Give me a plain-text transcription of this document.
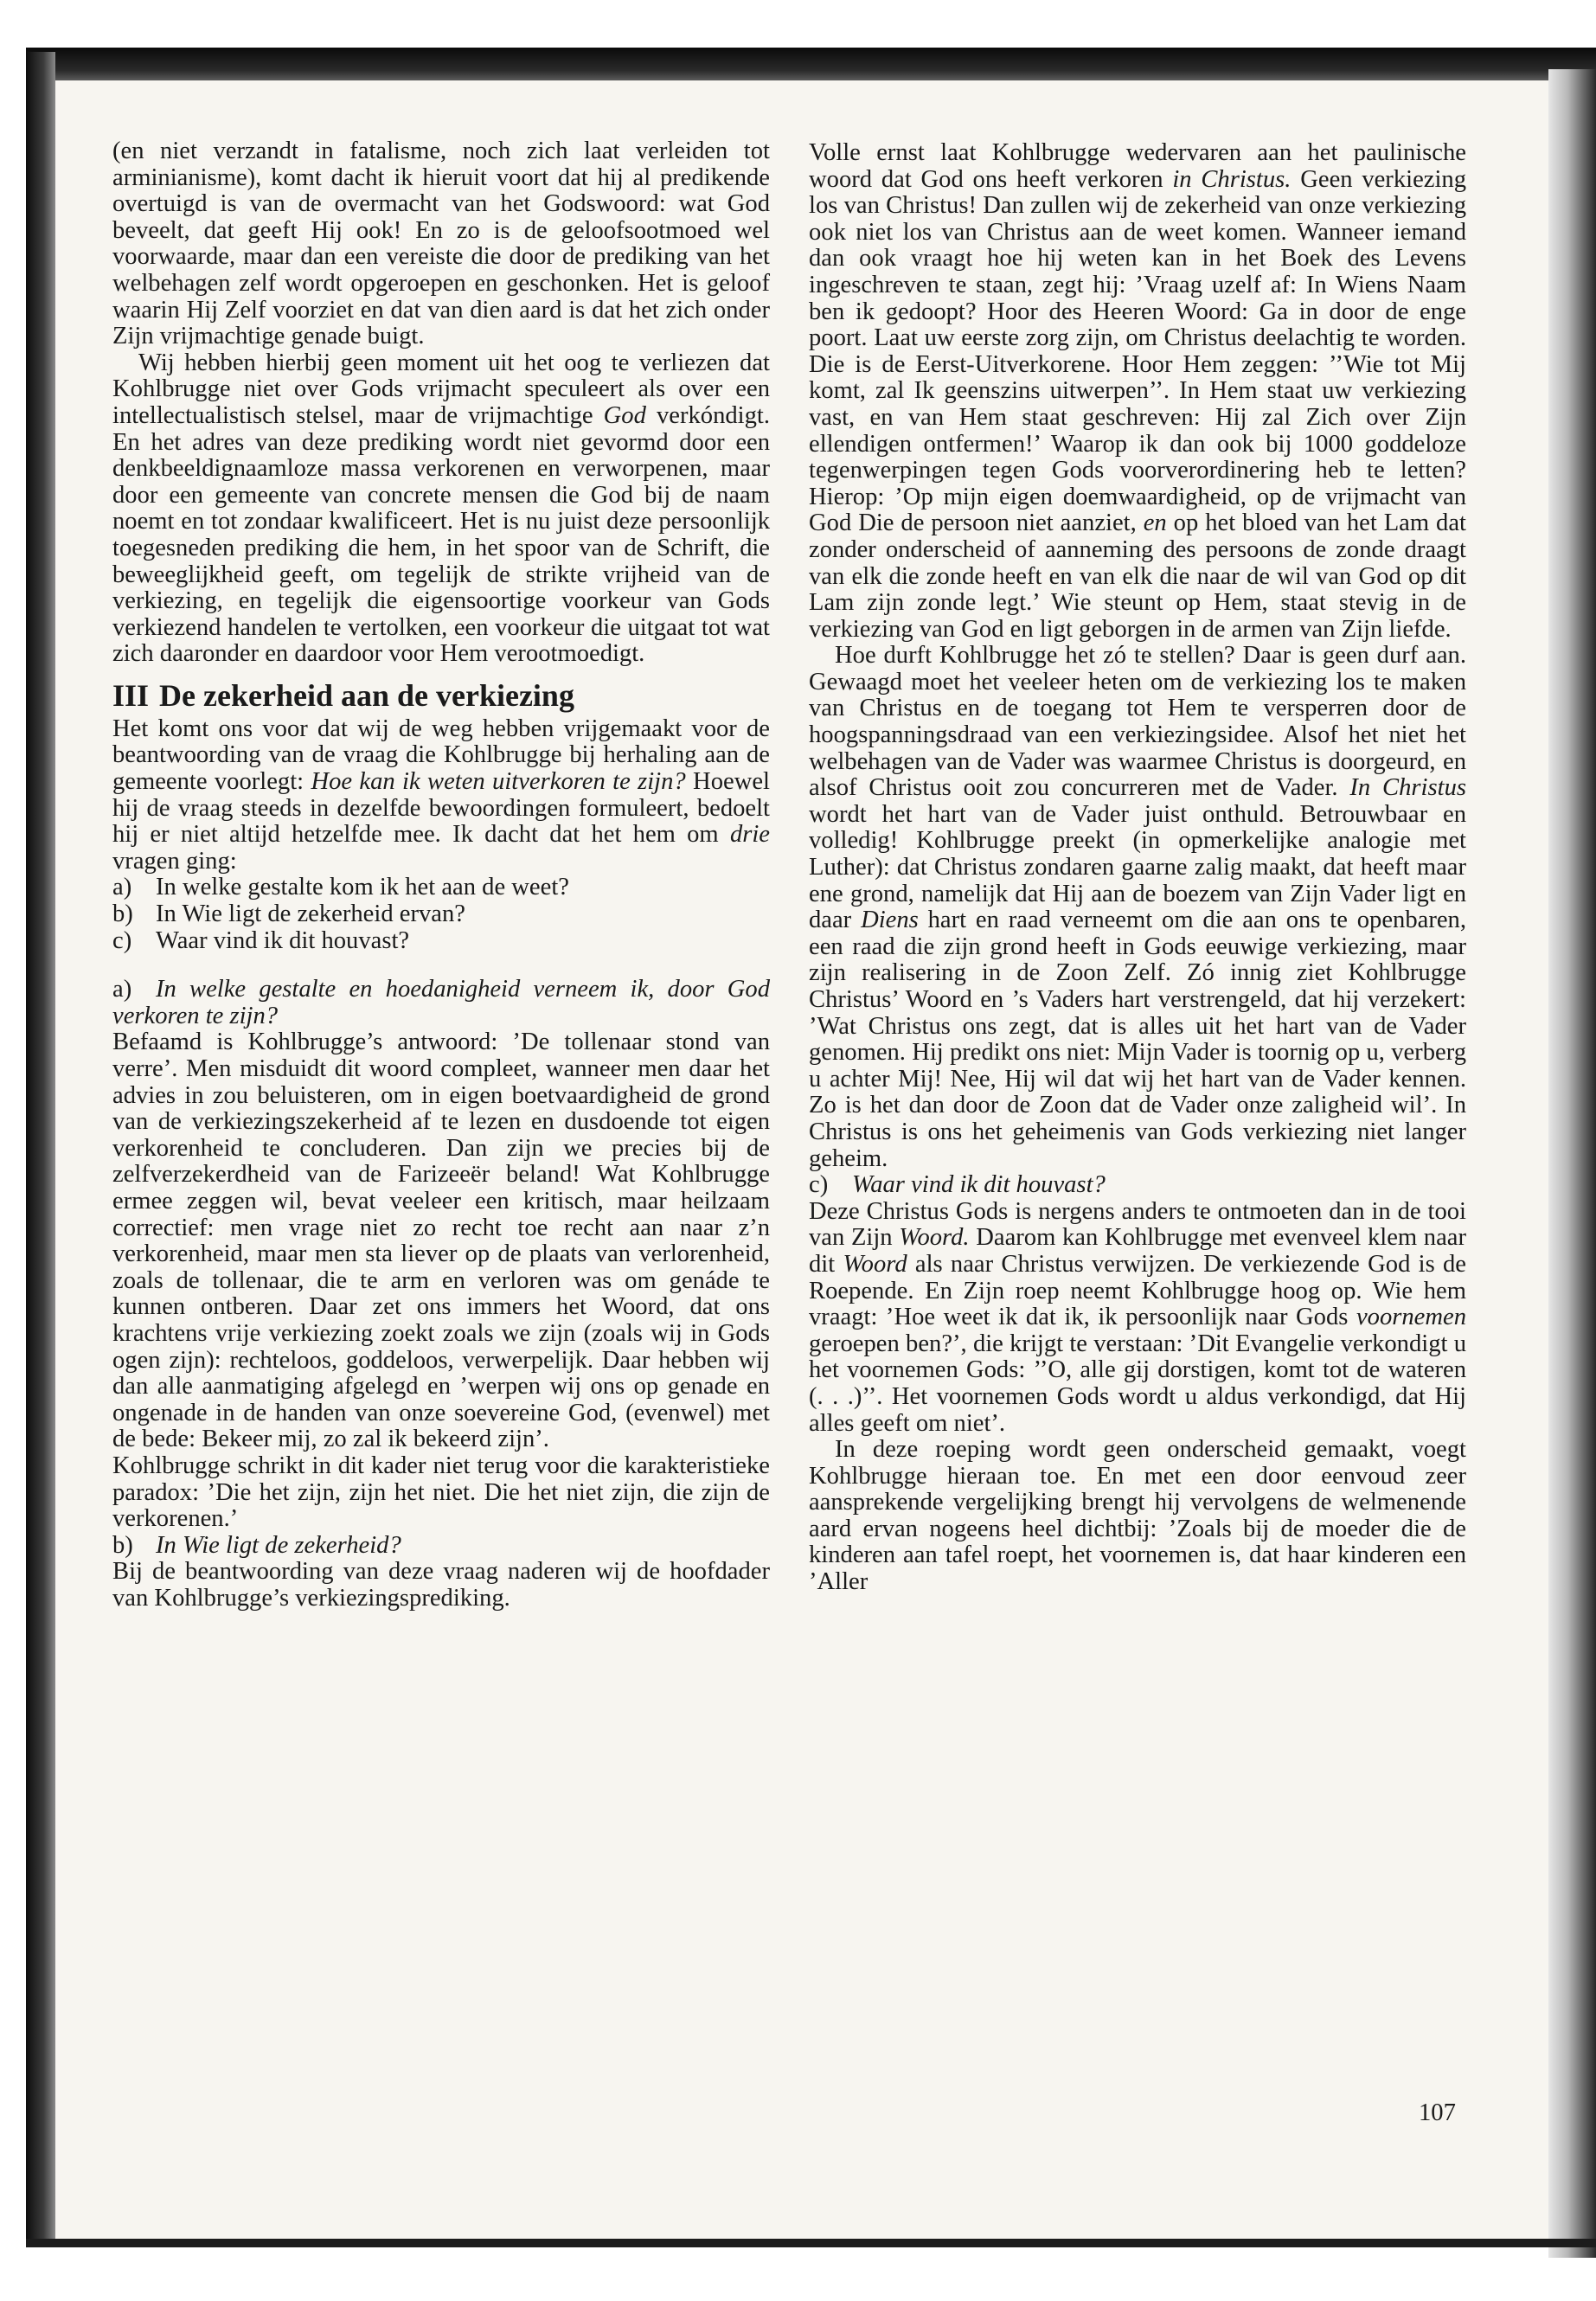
(en niet verzandt in fatalisme, noch zich laat verleiden tot arminianisme), komt dacht ik hieruit voort dat hij al predikende overtuigd is van de overmacht van het Godswoord: wat God beveelt, dat geeft Hij ook! En zo is de geloofsootmoed wel voorwaarde, maar dan een vereiste die door de prediking van het welbehagen zelf wordt opgeroepen en geschonken. Het is geloof waarin Hij Zelf voorziet en dat van dien aard is dat het zich onder Zijn vrijmachtige genade buigt.

Wij hebben hierbij geen moment uit het oog te verliezen dat Kohlbrugge niet over Gods vrijmacht speculeert als over een intellectualistisch stelsel, maar de vrijmachtige God verkóndigt. En het adres van deze prediking wordt niet gevormd door een denkbeeldignaamloze massa verkorenen en verworpenen, maar door een gemeente van concrete mensen die God bij de naam noemt en tot zondaar kwalificeert. Het is nu juist deze persoonlijk toegesneden prediking die hem, in het spoor van de Schrift, die beweeglijkheid geeft, om tegelijk de strikte vrijheid van de verkiezing, en tegelijk die eigensoortige voorkeur van Gods verkiezend handelen te vertolken, een voorkeur die uitgaat tot wat zich daaronder en daardoor voor Hem verootmoedigt.

III De zekerheid aan de verkiezing

Het komt ons voor dat wij de weg hebben vrijgemaakt voor de beantwoording van de vraag die Kohlbrugge bij herhaling aan de gemeente voorlegt: Hoe kan ik weten uitverkoren te zijn? Hoewel hij de vraag steeds in dezelfde bewoordingen formuleert, bedoelt hij er niet altijd hetzelfde mee. Ik dacht dat het hem om drie vragen ging:

a) In welke gestalte kom ik het aan de weet?

b) In Wie ligt de zekerheid ervan?

c) Waar vind ik dit houvast?

a) In welke gestalte en hoedanigheid verneem ik, door God verkoren te zijn?

Befaamd is Kohlbrugge’s antwoord: ’De tollenaar stond van verre’. Men misduidt dit woord compleet, wanneer men daar het advies in zou beluisteren, om in eigen boetvaardigheid de grond van de verkiezingszekerheid af te lezen en dusdoende tot eigen verkorenheid te concluderen. Dan zijn we precies bij de zelfverzekerdheid van de Farizeeër beland! Wat Kohlbrugge ermee zeggen wil, bevat veeleer een kritisch, maar heilzaam correctief: men vrage niet zo recht toe recht aan naar z’n verkorenheid, maar men sta liever op de plaats van verlorenheid, zoals de tollenaar, die te arm en verloren was om genáde te kunnen ontberen. Daar zet ons immers het Woord, dat ons krachtens vrije verkiezing zoekt zoals we zijn (zoals wij in Gods ogen zijn): rechteloos, goddeloos, verwerpelijk. Daar hebben wij dan alle aanmatiging afgelegd en ’werpen wij ons op genade en ongenade in de handen van onze soevereine God, (evenwel) met de bede: Bekeer mij, zo zal ik bekeerd zijn’.

Kohlbrugge schrikt in dit kader niet terug voor die karakteristieke paradox: ’Die het zijn, zijn het niet. Die het niet zijn, die zijn de verkorenen.’

b) In Wie ligt de zekerheid?

Bij de beantwoording van deze vraag naderen wij de hoofdader van Kohlbrugge’s verkiezingsprediking.

Volle ernst laat Kohlbrugge wedervaren aan het paulinische woord dat God ons heeft verkoren in Christus. Geen verkiezing los van Christus! Dan zullen wij de zekerheid van onze verkiezing ook niet los van Christus aan de weet komen. Wanneer iemand dan ook vraagt hoe hij weten kan in het Boek des Levens ingeschreven te staan, zegt hij: ’Vraag uzelf af: In Wiens Naam ben ik gedoopt? Hoor des Heeren Woord: Ga in door de enge poort. Laat uw eerste zorg zijn, om Christus deelachtig te worden. Die is de Eerst-Uitverkorene. Hoor Hem zeggen: ’’Wie tot Mij komt, zal Ik geenszins uitwerpen’’. In Hem staat uw verkiezing vast, en van Hem staat geschreven: Hij zal Zich over Zijn ellendigen ontfermen!’ Waarop ik dan ook bij 1000 goddeloze tegenwerpingen tegen Gods voorverordinering heb te letten? Hierop: ’Op mijn eigen doemwaardigheid, op de vrijmacht van God Die de persoon niet aanziet, en op het bloed van het Lam dat zonder onderscheid of aanneming des persoons de zonde draagt van elk die zonde heeft en van elk die naar de wil van God op dit Lam zijn zonde legt.’ Wie steunt op Hem, staat stevig in de verkiezing van God en ligt geborgen in de armen van Zijn liefde.

Hoe durft Kohlbrugge het zó te stellen? Daar is geen durf aan. Gewaagd moet het veeleer heten om de verkiezing los te maken van Christus en de toegang tot Hem te versperren door de hoogspanningsdraad van een verkiezingsidee. Alsof het niet het welbehagen van de Vader was waarmee Christus is doorgeurd, en alsof Christus ooit zou concurreren met de Vader. In Christus wordt het hart van de Vader juist onthuld. Betrouwbaar en volledig! Kohlbrugge preekt (in opmerkelijke analogie met Luther): dat Christus zondaren gaarne zalig maakt, dat heeft maar ene grond, namelijk dat Hij aan de boezem van Zijn Vader ligt en daar Diens hart en raad verneemt om die aan ons te openbaren, een raad die zijn grond heeft in Gods eeuwige verkiezing, maar zijn realisering in de Zoon Zelf. Zó innig ziet Kohlbrugge Christus’ Woord en ’s Vaders hart verstrengeld, dat hij verzekert: ’Wat Christus ons zegt, dat is alles uit het hart van de Vader genomen. Hij predikt ons niet: Mijn Vader is toornig op u, verberg u achter Mij! Nee, Hij wil dat wij het hart van de Vader kennen. Zo is het dan door de Zoon dat de Vader onze zaligheid wil’. In Christus is ons het geheimenis van Gods verkiezing niet langer geheim.

c) Waar vind ik dit houvast?

Deze Christus Gods is nergens anders te ontmoeten dan in de tooi van Zijn Woord. Daarom kan Kohlbrugge met evenveel klem naar dit Woord als naar Christus verwijzen. De verkiezende God is de Roepende. En Zijn roep neemt Kohlbrugge hoog op. Wie hem vraagt: ’Hoe weet ik dat ik, ik persoonlijk naar Gods voornemen geroepen ben?’, die krijgt te verstaan: ’Dit Evangelie verkondigt u het voornemen Gods: ’’O, alle gij dorstigen, komt tot de wateren (. . .)’’. Het voornemen Gods wordt u aldus verkondigd, dat Hij alles geeft om niet’.

In deze roeping wordt geen onderscheid gemaakt, voegt Kohlbrugge hieraan toe. En met een door eenvoud zeer aansprekende vergelijking brengt hij vervolgens de welmenende aard ervan nogeens heel dichtbij: ’Zoals bij de moeder die de kinderen aan tafel roept, het voornemen is, dat haar kinderen een ’Aller

107
